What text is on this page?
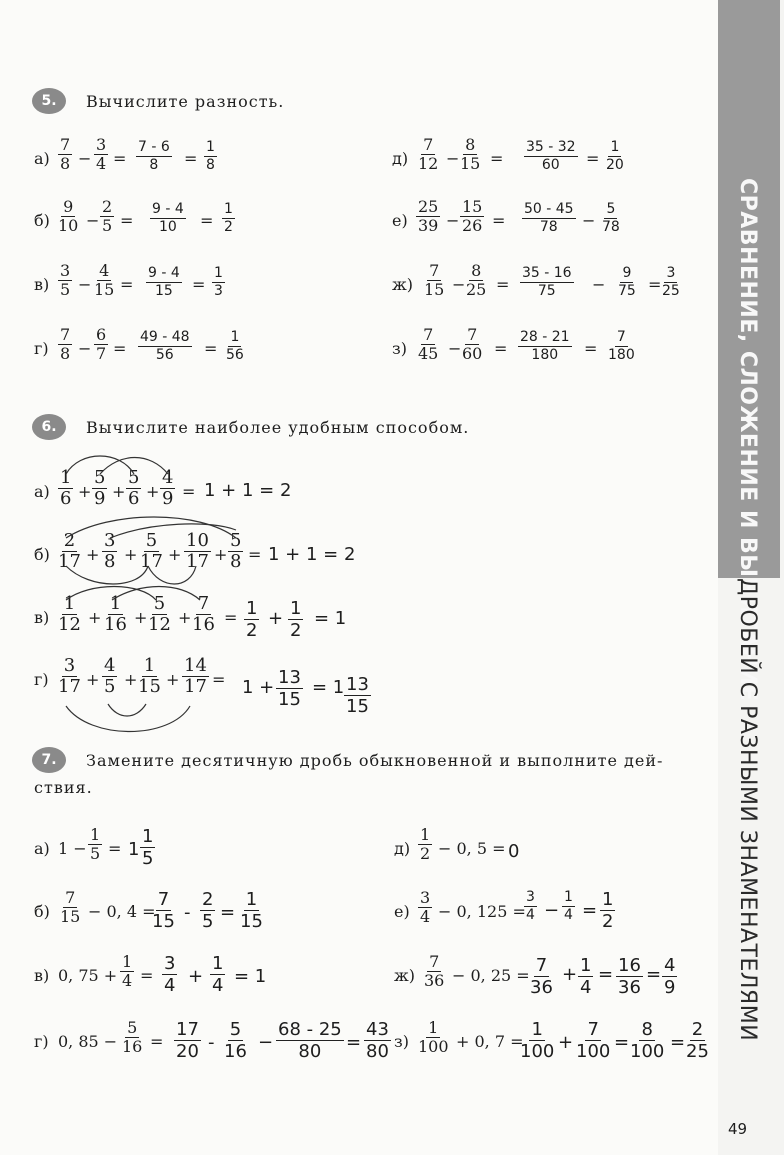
СРАВНЕНИЕ, СЛОЖЕНИЕ И ВЫЧИТАНИЕ
ДРОБЕЙ С РАЗНЫМИ ЗНАМЕНАТЕЛЯМИ
49
5.	Вычислите разность.
$а) \frac{7}{8} - \frac{3}{4} = \frac{7 - 6}{8} = \frac{1}{8}$
$б) \frac{9}{10} - \frac{2}{5} = \frac{9 - 4}{10} = \frac{1}{2}$
$в) \frac{3}{5} - \frac{4}{15} = \frac{9 - 4}{15} = \frac{1}{3}$
$г) \frac{7}{8} - \frac{6}{7} = \frac{49 - 48}{56} = \frac{1}{56}$
$д) \frac{7}{12} - \frac{8}{15} = \frac{35 - 32}{60} = \frac{1}{20}$
$е) \frac{25}{39} - \frac{15}{26} = \frac{50 - 45}{78} - \frac{5}{78}$
$ж) \frac{7}{15} - \frac{8}{25} = \frac{35 - 16}{75} - \frac{9}{75} = \frac{3}{25}$
$з) \frac{7}{45} - \frac{7}{60} = \frac{28 - 21}{180} = \frac{7}{180}$
6.	Вычислите наиболее удобным способом.
$а) \frac{1}{6} + \frac{5}{9} + \frac{5}{6} + \frac{4}{9} = 1 + 1 = 2$
$б) \frac{2}{17} + \frac{3}{8} + \frac{5}{17} + \frac{10}{17} + \frac{5}{8} = 1 + 1 = 2$
$в) \frac{1}{12} + \frac{1}{16} + \frac{5}{12} + \frac{7}{16} = \frac{1}{2} + \frac{1}{2} = 1$
$г) \frac{3}{17} + \frac{4}{5} + \frac{1}{15} + \frac{14}{17} = 1 + \frac{13}{15} = 1 \frac{13}{15}$
7.	Замените десятичную дробь обыкновенной и выполните дей-
ствия.
а) $1 - \frac{1}{5} = 1 \frac{1}{5}$
$б) \frac{7}{15} - 0$, 4 =
$\frac{7}{15} - \frac{2}{5} = \frac{1}{15}$
в) 0, $75 + \frac{1}{4} = \frac{3}{4} + \frac{1}{4} = 1$
г) 0, $85 - \frac{5}{16} = \frac{17}{20} - \frac{5}{16} - \frac{68 - 25}{80} = \frac{43}{80}$
$д) \frac{1}{2} - 0$, 5 = 0
$е) \frac{3}{4} - 0$, 125 =
$\frac{3}{4} - \frac{1}{4} = \frac{1}{2}$
$ж) \frac{7}{36} - 0$, $25 = \frac{7}{36} + \frac{1}{4} = \frac{16}{36} = \frac{4}{9}$
$з) \frac{1}{100} + 0$, 7 =
$\frac{1}{100} + \frac{7}{100} = \frac{8}{100} = \frac{2}{25}$
